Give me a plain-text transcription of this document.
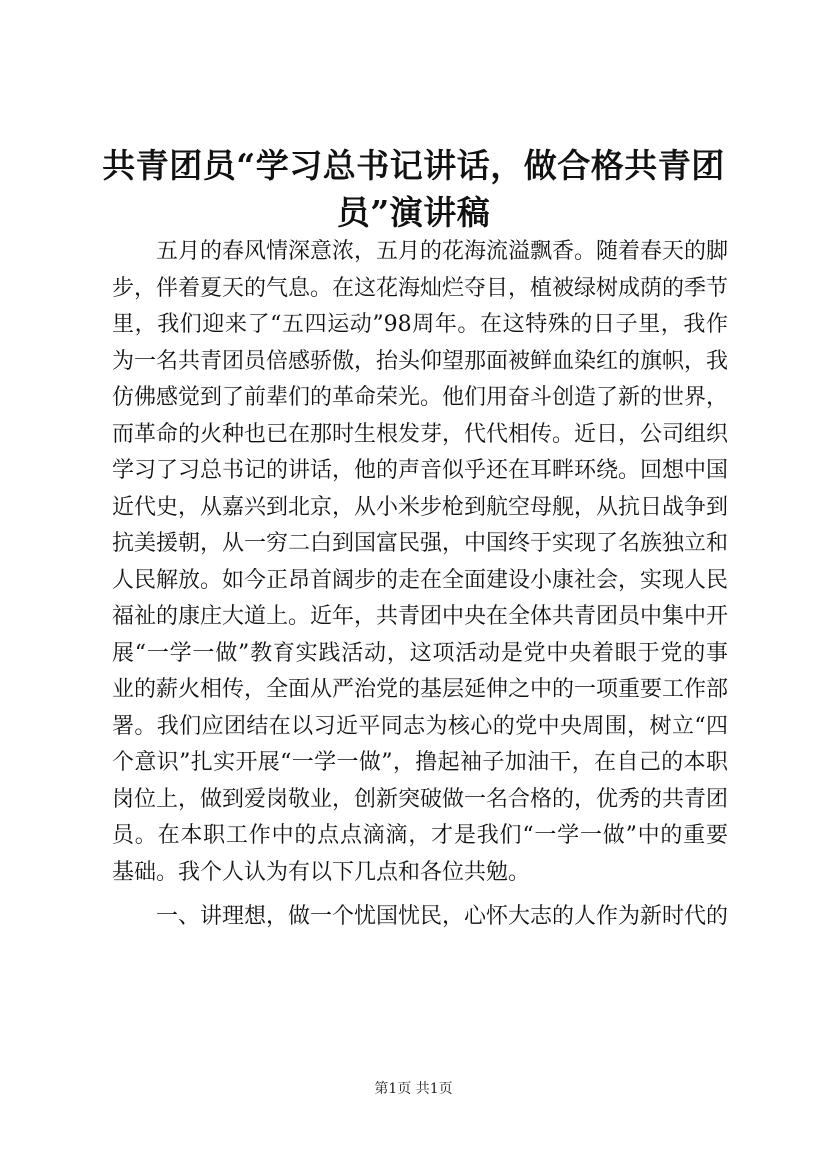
共青团员“学习总书记讲话，做合格共青团员”演讲稿

五月的春风情深意浓，五月的花海流溢飘香。随着春天的脚步，伴着夏天的气息。在这花海灿烂夺目，植被绿树成荫的季节里，我们迎来了“五四运动”98周年。在这特殊的日子里，我作为一名共青团员倍感骄傲，抬头仰望那面被鲜血染红的旗帜，我仿佛感觉到了前辈们的革命荣光。他们用奋斗创造了新的世界，而革命的火种也已在那时生根发芽，代代相传。近日，公司组织学习了习总书记的讲话，他的声音似乎还在耳畔环绕。回想中国近代史，从嘉兴到北京，从小米步枪到航空母舰，从抗日战争到抗美援朝，从一穷二白到国富民强，中国终于实现了名族独立和人民解放。如今正昂首阔步的走在全面建设小康社会，实现人民福祉的康庄大道上。近年，共青团中央在全体共青团员中集中开展“一学一做”教育实践活动，这项活动是党中央着眼于党的事业的薪火相传，全面从严治党的基层延伸之中的一项重要工作部署。我们应团结在以习近平同志为核心的党中央周围，树立“四个意识”扎实开展“一学一做”，撸起袖子加油干，在自己的本职岗位上，做到爱岗敬业，创新突破做一名合格的，优秀的共青团员。在本职工作中的点点滴滴，才是我们“一学一做”中的重要基础。我个人认为有以下几点和各位共勉。

一、讲理想，做一个忧国忧民，心怀大志的人作为新时代的

第1页 共1页
